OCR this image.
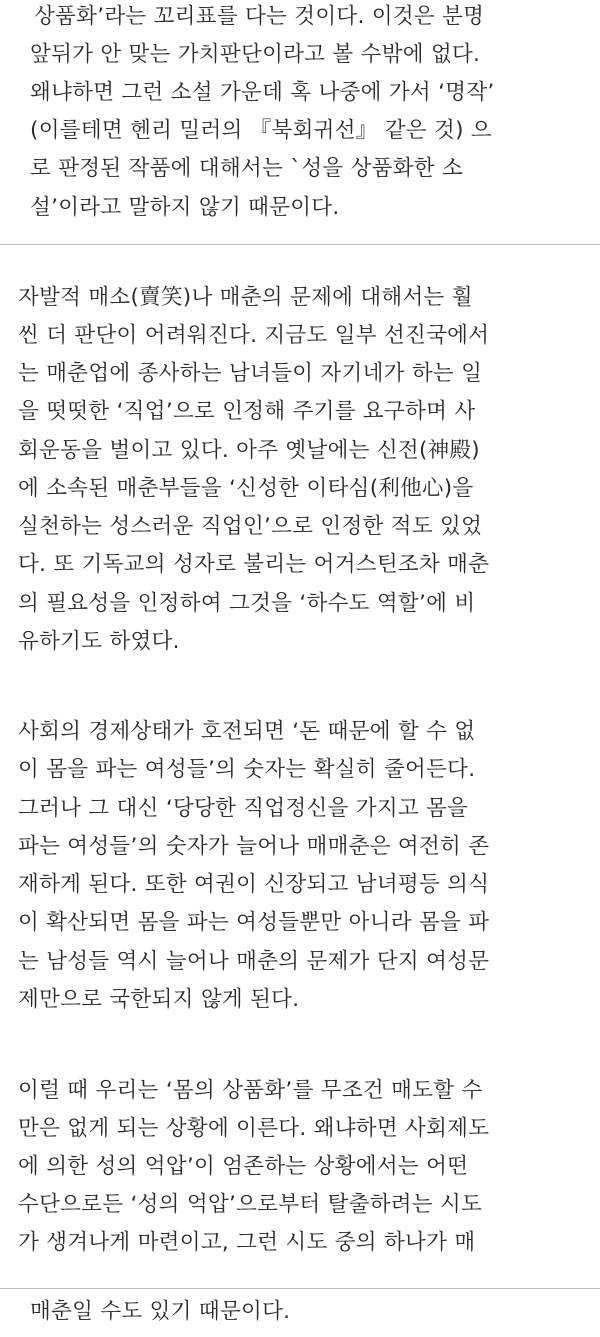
상품화’라는 꼬리표를 다는 것이다. 이것은 분명
앞뒤가 안 맞는 가치판단이라고 볼 수밖에 없다.
왜냐하면 그런 소설 가운데 혹 나중에 가서 ‘명작’
(이를테면 헨리 밀러의 『북회귀선』 같은 것) 으
로 판정된 작품에 대해서는 `성을 상품화한 소
설’이라고 말하지 않기 때문이다.
자발적 매소(賣笑)나 매춘의 문제에 대해서는 훨
씬 더 판단이 어려워진다. 지금도 일부 선진국에서
는 매춘업에 종사하는 남녀들이 자기네가 하는 일
을 떳떳한 ‘직업’으로 인정해 주기를 요구하며 사
회운동을 벌이고 있다. 아주 옛날에는 신전(神殿)
에 소속된 매춘부들을 ‘신성한 이타심(利他心)을
실천하는 성스러운 직업인’으로 인정한 적도 있었
다. 또 기독교의 성자로 불리는 어거스틴조차 매춘
의 필요성을 인정하여 그것을 ‘하수도 역할’에 비
유하기도 하였다.
사회의 경제상태가 호전되면 ‘돈 때문에 할 수 없
이 몸을 파는 여성들’의 숫자는 확실히 줄어든다.
그러나 그 대신 ‘당당한 직업정신을 가지고 몸을
파는 여성들’의 숫자가 늘어나 매매춘은 여전히 존
재하게 된다. 또한 여권이 신장되고 남녀평등 의식
이 확산되면 몸을 파는 여성들뿐만 아니라 몸을 파
는 남성들 역시 늘어나 매춘의 문제가 단지 여성문
제만으로 국한되지 않게 된다.
이럴 때 우리는 ‘몸의 상품화’를 무조건 매도할 수
만은 없게 되는 상황에 이른다. 왜냐하면 사회제도
에 의한 성의 억압’이 엄존하는 상황에서는 어떤
수단으로든 ‘성의 억압’으로부터 탈출하려는 시도
가 생겨나게 마련이고, 그런 시도 중의 하나가 매
매춘일 수도 있기 때문이다.
